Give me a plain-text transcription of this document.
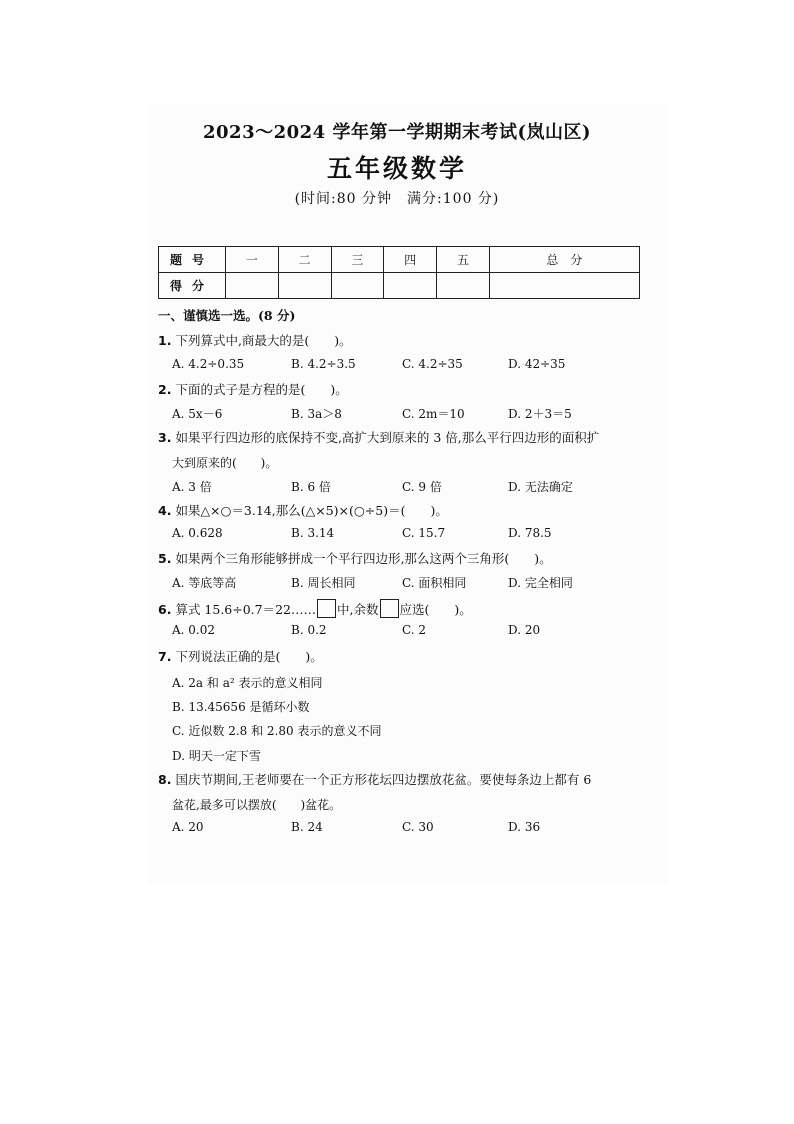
2023～2024 学年第一学期期末考试(岚山区)
五年级数学
(时间:80 分钟　满分:100 分)
题号	一	二	三	四	五	总　分
得分						
一、谨慎选一选。(8 分)
1. 下列算式中,商最大的是(　　)。
A. 4.2÷0.35	B. 4.2÷3.5	C. 4.2÷35	D. 42÷35
2. 下面的式子是方程的是(　　)。
A. 5x－6	B. 3a＞8	C. 2m＝10	D. 2＋3＝5
3. 如果平行四边形的底保持不变,高扩大到原来的 3 倍,那么平行四边形的面积扩
大到原来的(　　)。
A. 3 倍	B. 6 倍	C. 9 倍	D. 无法确定
4. 如果△×○＝3.14,那么(△×5)×(○÷5)＝(　　)。
A. 0.628	B. 3.14	C. 15.7	D. 78.5
5. 如果两个三角形能够拼成一个平行四边形,那么这两个三角形(　　)。
A. 等底等高	B. 周长相同	C. 面积相同	D. 完全相同
6. 算式 15.6÷0.7＝22…… 中,余数 应选(　　)。
A. 0.02	B. 0.2	C. 2	D. 20
7. 下列说法正确的是(　　)。
A. 2a 和 a² 表示的意义相同
B. 13.45656 是循环小数
C. 近似数 2.8 和 2.80 表示的意义不同
D. 明天一定下雪
8. 国庆节期间,王老师要在一个正方形花坛四边摆放花盆。要使每条边上都有 6
盆花,最多可以摆放(　　)盆花。
A. 20	B. 24	C. 30	D. 36
